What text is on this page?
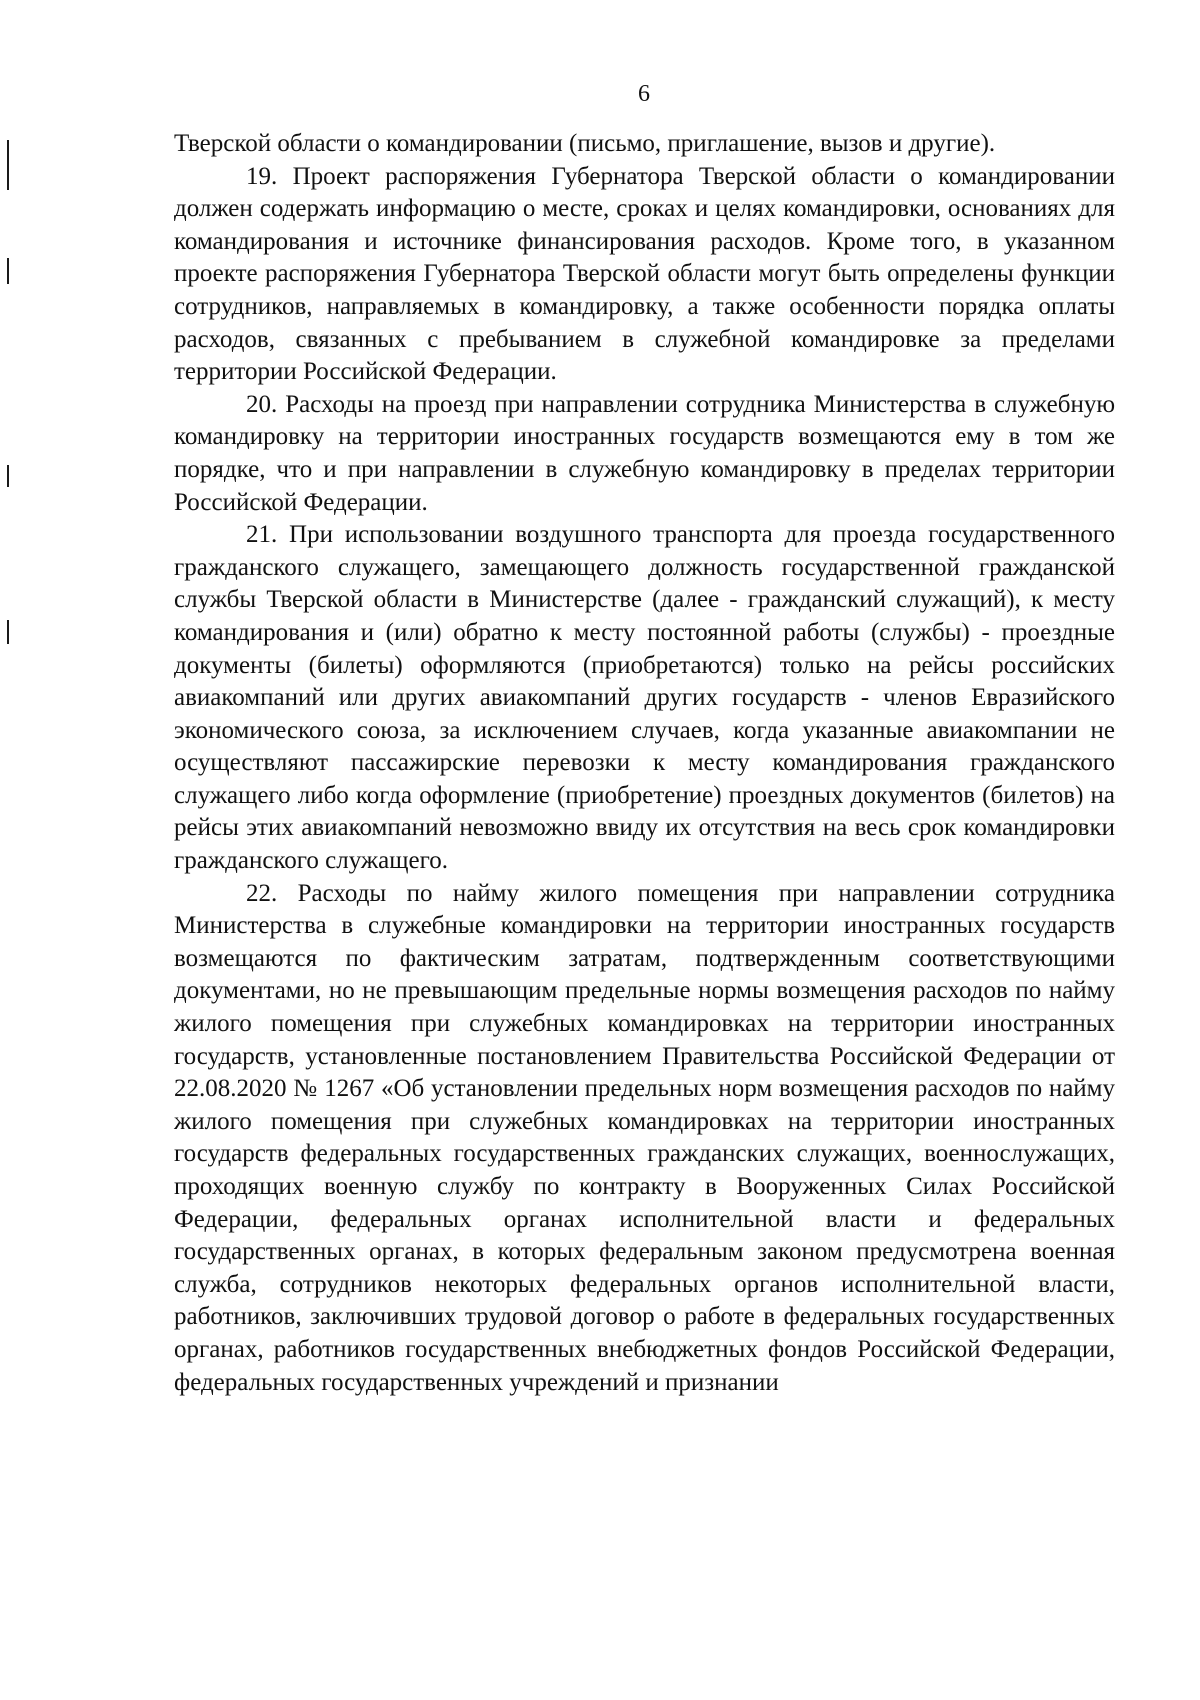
6

Тверской области о командировании (письмо, приглашение, вызов и другие).

19. Проект распоряжения Губернатора Тверской области о командировании должен содержать информацию о месте, сроках и целях командировки, основаниях для командирования и источнике финансирования расходов. Кроме того, в указанном проекте распоряжения Губернатора Тверской области могут быть определены функции сотрудников, направляемых в командировку, а также особенности порядка оплаты расходов, связанных с пребыванием в служебной командировке за пределами территории Российской Федерации.

20. Расходы на проезд при направлении сотрудника Министерства в служебную командировку на территории иностранных государств возмещаются ему в том же порядке, что и при направлении в служебную командировку в пределах территории Российской Федерации.

21. При использовании воздушного транспорта для проезда государственного гражданского служащего, замещающего должность государственной гражданской службы Тверской области в Министерстве (далее - гражданский служащий), к месту командирования и (или) обратно к месту постоянной работы (службы) - проездные документы (билеты) оформляются (приобретаются) только на рейсы российских авиакомпаний или других авиакомпаний других государств - членов Евразийского экономического союза, за исключением случаев, когда указанные авиакомпании не осуществляют пассажирские перевозки к месту командирования гражданского служащего либо когда оформление (приобретение) проездных документов (билетов) на рейсы этих авиакомпаний невозможно ввиду их отсутствия на весь срок командировки гражданского служащего.

22. Расходы по найму жилого помещения при направлении сотрудника Министерства в служебные командировки на территории иностранных государств возмещаются по фактическим затратам, подтвержденным соответствующими документами, но не превышающим предельные нормы возмещения расходов по найму жилого помещения при служебных командировках на территории иностранных государств, установленные постановлением Правительства Российской Федерации от 22.08.2020 № 1267 «Об установлении предельных норм возмещения расходов по найму жилого помещения при служебных командировках на территории иностранных государств федеральных государственных гражданских служащих, военнослужащих, проходящих военную службу по контракту в Вооруженных Силах Российской Федерации, федеральных органах исполнительной власти и федеральных государственных органах, в которых федеральным законом предусмотрена военная служба, сотрудников некоторых федеральных органов исполнительной власти, работников, заключивших трудовой договор о работе в федеральных государственных органах, работников государственных внебюджетных фондов Российской Федерации, федеральных государственных учреждений и признании
